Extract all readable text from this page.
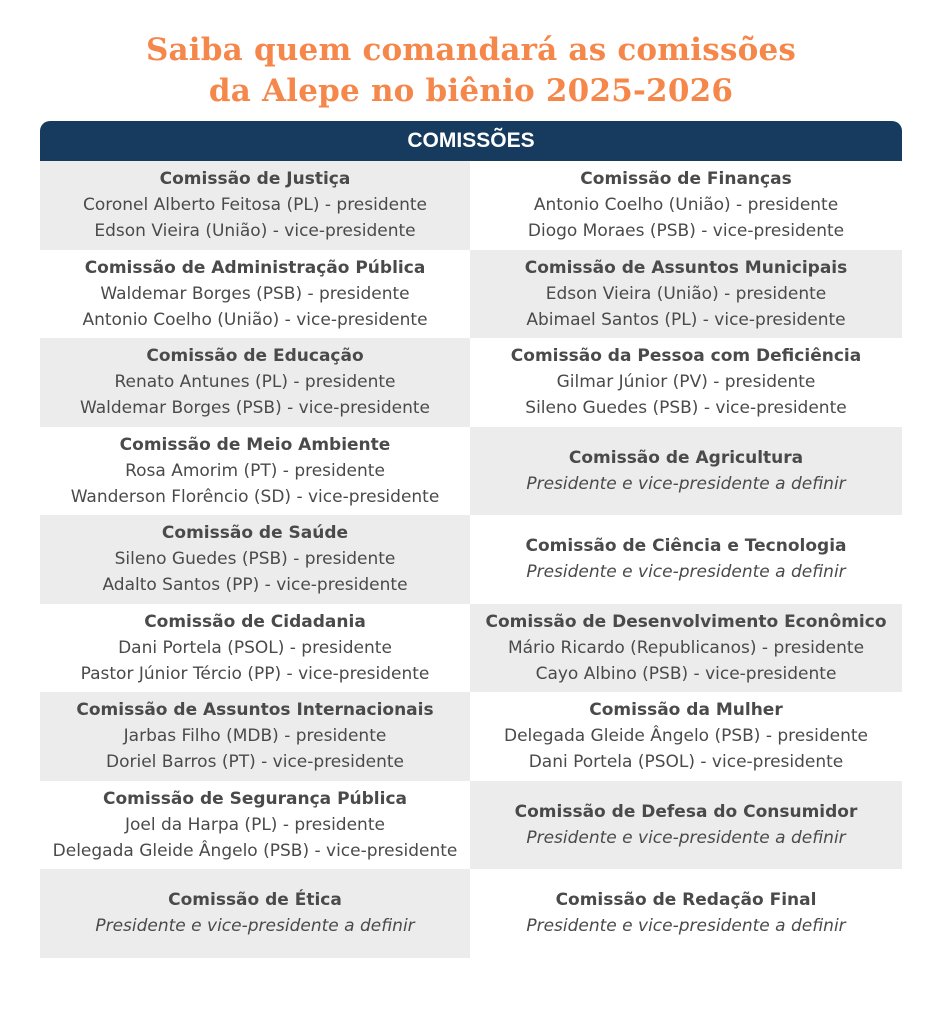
Saiba quem comandará as comissões
da Alepe no biênio 2025-2026
COMISSÕES
Comissão de Justiça
Coronel Alberto Feitosa (PL) - presidente
Edson Vieira (União) - vice-presidente
Comissão de Finanças
Antonio Coelho (União) - presidente
Diogo Moraes (PSB) - vice-presidente
Comissão de Administração Pública
Waldemar Borges (PSB) - presidente
Antonio Coelho (União) - vice-presidente
Comissão de Assuntos Municipais
Edson Vieira (União) - presidente
Abimael Santos (PL) - vice-presidente
Comissão de Educação
Renato Antunes (PL) - presidente
Waldemar Borges (PSB) - vice-presidente
Comissão da Pessoa com Deficiência
Gilmar Júnior (PV) - presidente
Sileno Guedes (PSB) - vice-presidente
Comissão de Meio Ambiente
Rosa Amorim (PT) - presidente
Wanderson Florêncio (SD) - vice-presidente
Comissão de Agricultura
Presidente e vice-presidente a definir
Comissão de Saúde
Sileno Guedes (PSB) - presidente
Adalto Santos (PP) - vice-presidente
Comissão de Ciência e Tecnologia
Presidente e vice-presidente a definir
Comissão de Cidadania
Dani Portela (PSOL) - presidente
Pastor Júnior Tércio (PP) - vice-presidente
Comissão de Desenvolvimento Econômico
Mário Ricardo (Republicanos) - presidente
Cayo Albino (PSB) - vice-presidente
Comissão de Assuntos Internacionais
Jarbas Filho (MDB) - presidente
Doriel Barros (PT) - vice-presidente
Comissão da Mulher
Delegada Gleide Ângelo (PSB) - presidente
Dani Portela (PSOL) - vice-presidente
Comissão de Segurança Pública
Joel da Harpa (PL) - presidente
Delegada Gleide Ângelo (PSB) - vice-presidente
Comissão de Defesa do Consumidor
Presidente e vice-presidente a definir
Comissão de Ética
Presidente e vice-presidente a definir
Comissão de Redação Final
Presidente e vice-presidente a definir
